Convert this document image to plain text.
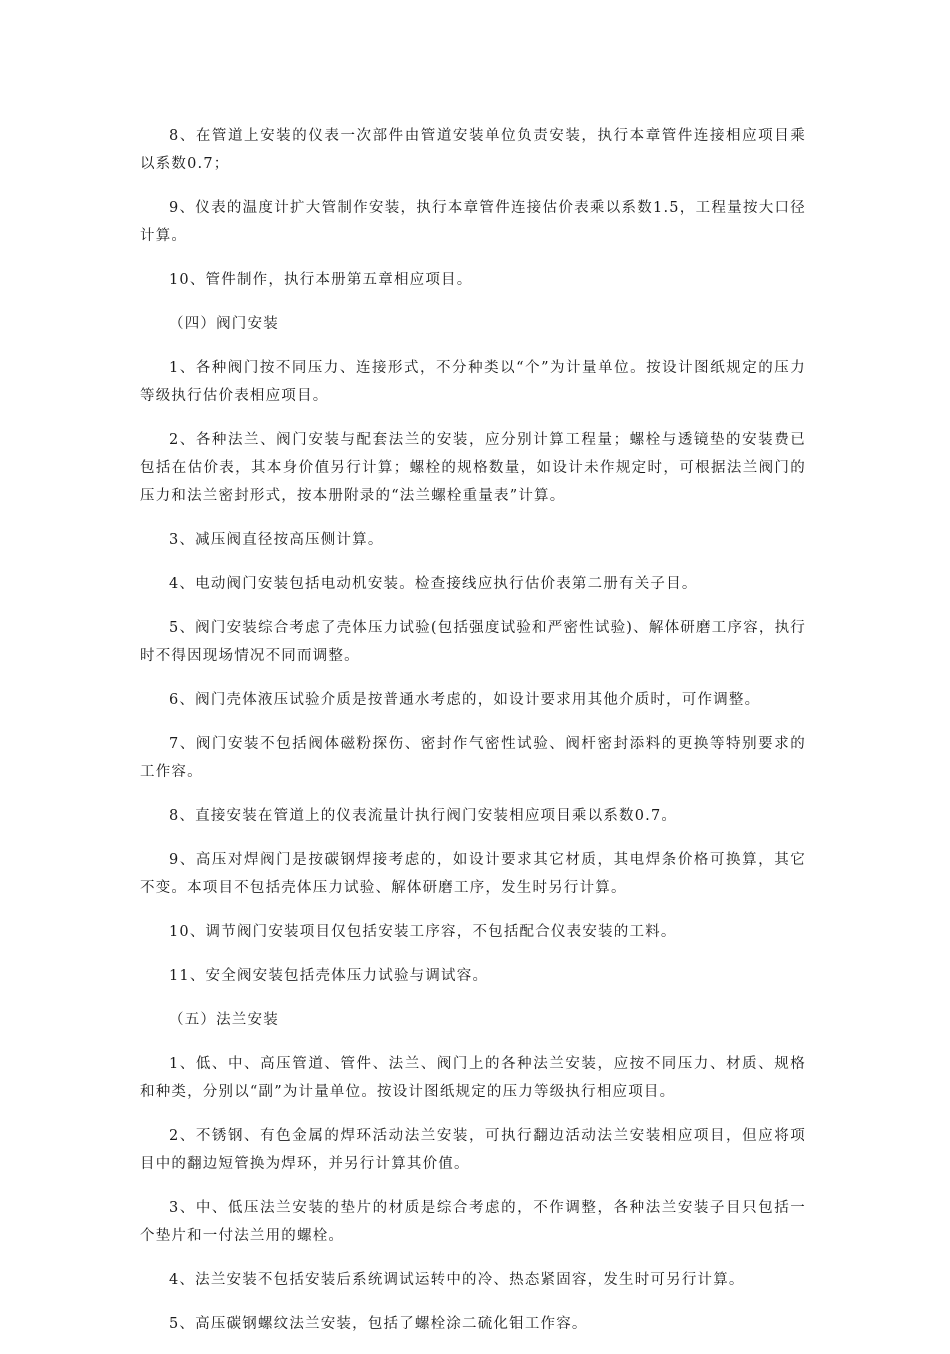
8、在管道上安装的仪表一次部件由管道安装单位负责安装，执行本章管件连接相应项目乘以系数0.7；

9、仪表的温度计扩大管制作安装，执行本章管件连接估价表乘以系数1.5，工程量按大口径计算。

10、管件制作，执行本册第五章相应项目。

（四）阀门安装

1、各种阀门按不同压力、连接形式，不分种类以“个”为计量单位。按设计图纸规定的压力等级执行估价表相应项目。

2、各种法兰、阀门安装与配套法兰的安装，应分别计算工程量；螺栓与透镜垫的安装费已包括在估价表，其本身价值另行计算；螺栓的规格数量，如设计未作规定时，可根据法兰阀门的压力和法兰密封形式，按本册附录的“法兰螺栓重量表”计算。

3、减压阀直径按高压侧计算。

4、电动阀门安装包括电动机安装。检查接线应执行估价表第二册有关子目。

5、阀门安装综合考虑了壳体压力试验(包括强度试验和严密性试验)、解体研磨工序容，执行时不得因现场情况不同而调整。

6、阀门壳体液压试验介质是按普通水考虑的，如设计要求用其他介质时，可作调整。

7、阀门安装不包括阀体磁粉探伤、密封作气密性试验、阀杆密封添料的更换等特别要求的工作容。

8、直接安装在管道上的仪表流量计执行阀门安装相应项目乘以系数0.7。

9、高压对焊阀门是按碳钢焊接考虑的，如设计要求其它材质，其电焊条价格可换算，其它不变。本项目不包括壳体压力试验、解体研磨工序，发生时另行计算。

10、调节阀门安装项目仅包括安装工序容，不包括配合仪表安装的工料。

11、安全阀安装包括壳体压力试验与调试容。

（五）法兰安装

1、低、中、高压管道、管件、法兰、阀门上的各种法兰安装，应按不同压力、材质、规格和种类，分别以“副”为计量单位。按设计图纸规定的压力等级执行相应项目。

2、不锈钢、有色金属的焊环活动法兰安装，可执行翻边活动法兰安装相应项目，但应将项目中的翻边短管换为焊环，并另行计算其价值。

3、中、低压法兰安装的垫片的材质是综合考虑的，不作调整，各种法兰安装子目只包括一个垫片和一付法兰用的螺栓。

4、法兰安装不包括安装后系统调试运转中的冷、热态紧固容，发生时可另行计算。

5、高压碳钢螺纹法兰安装，包括了螺栓涂二硫化钼工作容。
